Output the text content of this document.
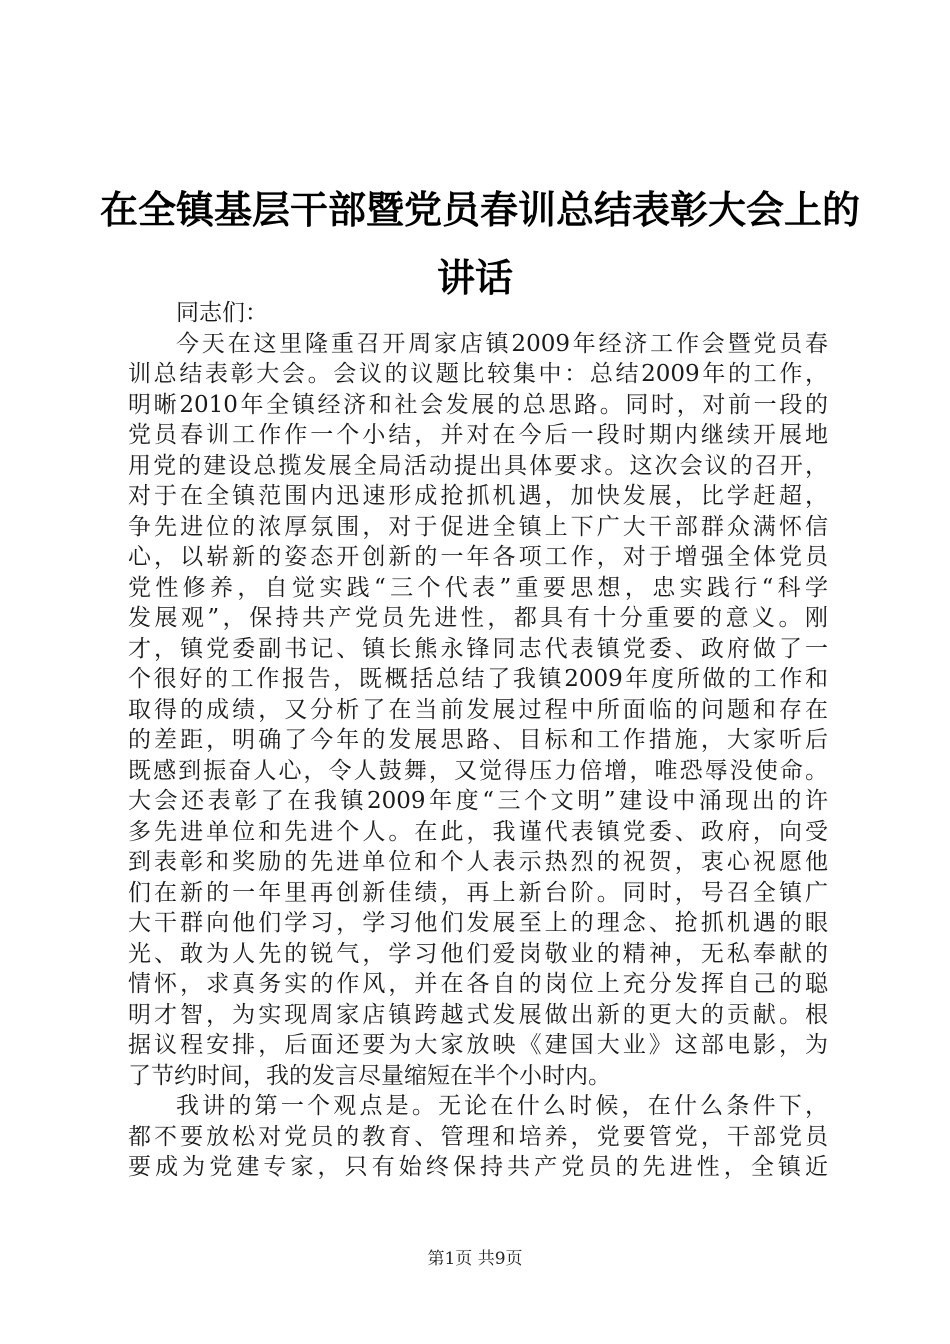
在全镇基层干部暨党员春训总结表彰大会上的
讲话
同志们：
今天在这里隆重召开周家店镇2009年经济工作会暨党员春
训总结表彰大会。会议的议题比较集中：总结2009年的工作，
明晰2010年全镇经济和社会发展的总思路。同时，对前一段的
党员春训工作作一个小结，并对在今后一段时期内继续开展地
用党的建设总揽发展全局活动提出具体要求。这次会议的召开，
对于在全镇范围内迅速形成抢抓机遇，加快发展，比学赶超，
争先进位的浓厚氛围，对于促进全镇上下广大干部群众满怀信
心，以崭新的姿态开创新的一年各项工作，对于增强全体党员
党性修养，自觉实践“三个代表”重要思想，忠实践行“科学
发展观”，保持共产党员先进性，都具有十分重要的意义。刚
才，镇党委副书记、镇长熊永锋同志代表镇党委、政府做了一
个很好的工作报告，既概括总结了我镇2009年度所做的工作和
取得的成绩，又分析了在当前发展过程中所面临的问题和存在
的差距，明确了今年的发展思路、目标和工作措施，大家听后
既感到振奋人心，令人鼓舞，又觉得压力倍增，唯恐辱没使命。
大会还表彰了在我镇2009年度“三个文明”建设中涌现出的许
多先进单位和先进个人。在此，我谨代表镇党委、政府，向受
到表彰和奖励的先进单位和个人表示热烈的祝贺，衷心祝愿他
们在新的一年里再创新佳绩，再上新台阶。同时，号召全镇广
大干群向他们学习，学习他们发展至上的理念、抢抓机遇的眼
光、敢为人先的锐气，学习他们爱岗敬业的精神，无私奉献的
情怀，求真务实的作风，并在各自的岗位上充分发挥自己的聪
明才智，为实现周家店镇跨越式发展做出新的更大的贡献。根
据议程安排，后面还要为大家放映《建国大业》这部电影，为
了节约时间，我的发言尽量缩短在半个小时内。
我讲的第一个观点是。无论在什么时候，在什么条件下，
都不要放松对党员的教育、管理和培养，党要管党，干部党员
要成为党建专家，只有始终保持共产党员的先进性，全镇近
第1页 共9页
